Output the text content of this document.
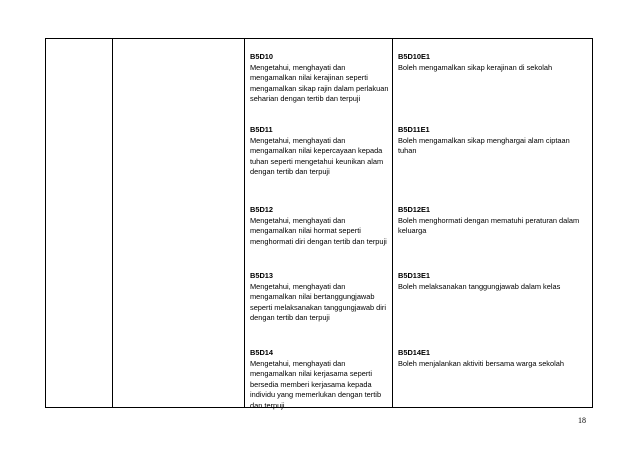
B5D10
Mengetahui, menghayati dan mengamalkan nilai kerajinan seperti mengamalkan sikap rajin dalam perlakuan seharian dengan tertib dan terpuji
B5D10E1
Boleh mengamalkan sikap kerajinan di sekolah
B5D11
Mengetahui, menghayati dan mengamalkan nilai kepercayaan kepada tuhan seperti mengetahui keunikan alam dengan tertib dan terpuji
B5D11E1
Boleh mengamalkan sikap menghargai alam ciptaan tuhan
B5D12
Mengetahui, menghayati dan mengamalkan nilai hormat seperti menghormati diri dengan tertib dan terpuji
B5D12E1
Boleh menghormati dengan mematuhi peraturan dalam keluarga
B5D13
Mengetahui, menghayati dan mengamalkan nilai bertanggungjawab seperti melaksanakan tanggungjawab diri dengan tertib dan terpuji
B5D13E1
Boleh melaksanakan tanggungjawab dalam kelas
B5D14
Mengetahui, menghayati dan mengamalkan nilai kerjasama seperti bersedia memberi kerjasama kepada individu yang memerlukan dengan tertib dan terpuji
B5D14E1
Boleh menjalankan aktiviti bersama warga sekolah
18
